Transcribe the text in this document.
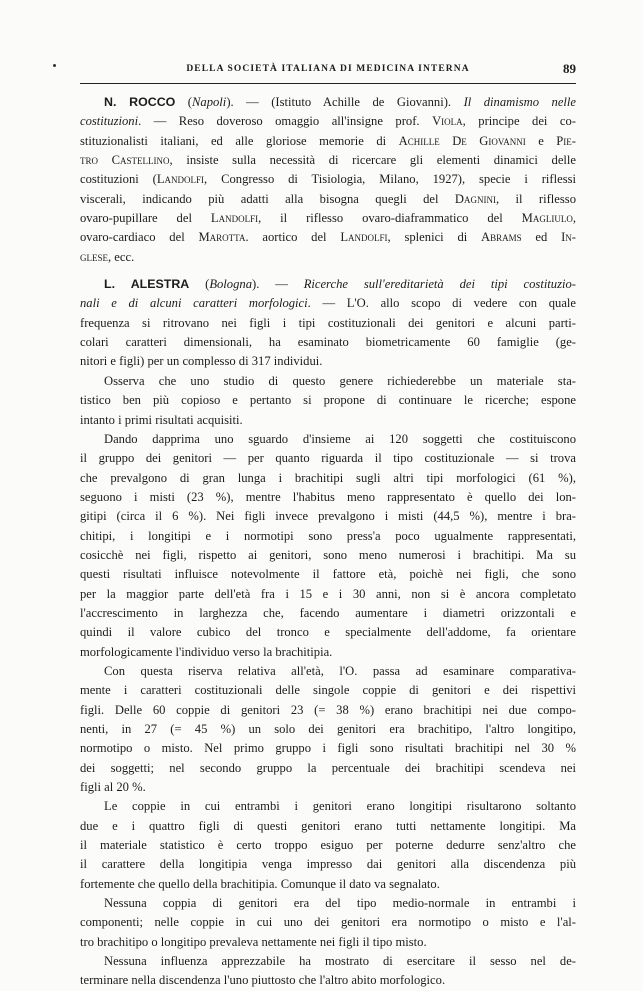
DELLA SOCIETÀ ITALIANA DI MEDICINA INTERNA	89
N. ROCCO (Napoli). — (Istituto Achille de Giovanni). Il dinamismo nelle
costituzioni. — Reso doveroso omaggio all'insigne prof. Viola, principe dei co-
stituzionalisti italiani, ed alle gloriose memorie di Achille De Giovanni e Pie-
tro Castellino, insiste sulla necessità di ricercare gli elementi dinamici delle
costituzioni (Landolfi, Congresso di Tisiologia, Milano, 1927), specie i riflessi
viscerali, indicando più adatti alla bisogna quegli del Dagnini, il riflesso
ovaro-pupillare del Landolfi, il riflesso ovaro-diaframmatico del Magliulo,
ovaro-cardiaco del Marotta. aortico del Landolfi, splenici di Abrams ed In-
glese, ecc.
L. ALESTRA (Bologna). — Ricerche sull'ereditarietà dei tipi costituzio-
nali e di alcuni caratteri morfologici. — L'O. allo scopo di vedere con quale
frequenza si ritrovano nei figli i tipi costituzionali dei genitori e alcuni parti-
colari caratteri dimensionali, ha esaminato biometricamente 60 famiglie (ge-
nitori e figli) per un complesso di 317 individui.
Osserva che uno studio di questo genere richiederebbe un materiale sta-
tistico ben più copioso e pertanto si propone di continuare le ricerche; espone
intanto i primi risultati acquisiti.
Dando dapprima uno sguardo d'insieme ai 120 soggetti che costituiscono
il gruppo dei genitori — per quanto riguarda il tipo costituzionale — si trova
che prevalgono di gran lunga i brachitipi sugli altri tipi morfologici (61 %),
seguono i misti (23 %), mentre l'habitus meno rappresentato è quello dei lon-
gitipi (circa il 6 %). Nei figli invece prevalgono i misti (44,5 %), mentre i bra-
chitipi, i longitipi e i normotipi sono press'a poco ugualmente rappresentati,
cosicchè nei figli, rispetto ai genitori, sono meno numerosi i brachitipi. Ma su
questi risultati influisce notevolmente il fattore età, poichè nei figli, che sono
per la maggior parte dell'età fra i 15 e i 30 anni, non si è ancora completato
l'accrescimento in larghezza che, facendo aumentare i diametri orizzontali e
quindi il valore cubico del tronco e specialmente dell'addome, fa orientare
morfologicamente l'individuo verso la brachitipia.
Con questa riserva relativa all'età, l'O. passa ad esaminare comparativa-
mente i caratteri costituzionali delle singole coppie di genitori e dei rispettivi
figli. Delle 60 coppie di genitori 23 (= 38 %) erano brachitipi nei due compo-
nenti, in 27 (= 45 %) un solo dei genitori era brachitipo, l'altro longitipo,
normotipo o misto. Nel primo gruppo i figli sono risultati brachitipi nel 30 %
dei soggetti; nel secondo gruppo la percentuale dei brachitipi scendeva nei
figli al 20 %.
Le coppie in cui entrambi i genitori erano longitipi risultarono soltanto
due e i quattro figli di questi genitori erano tutti nettamente longitipi. Ma
il materiale statistico è certo troppo esiguo per poterne dedurre senz'altro che
il carattere della longitipia venga impresso dai genitori alla discendenza più
fortemente che quello della brachitipia. Comunque il dato va segnalato.
Nessuna coppia di genitori era del tipo medio-normale in entrambi i
componenti; nelle coppie in cui uno dei genitori era normotipo o misto e l'al-
tro brachitipo o longitipo prevaleva nettamente nei figli il tipo misto.
Nessuna influenza apprezzabile ha mostrato di esercitare il sesso nel de-
terminare nella discendenza l'uno piuttosto che l'altro abito morfologico.
